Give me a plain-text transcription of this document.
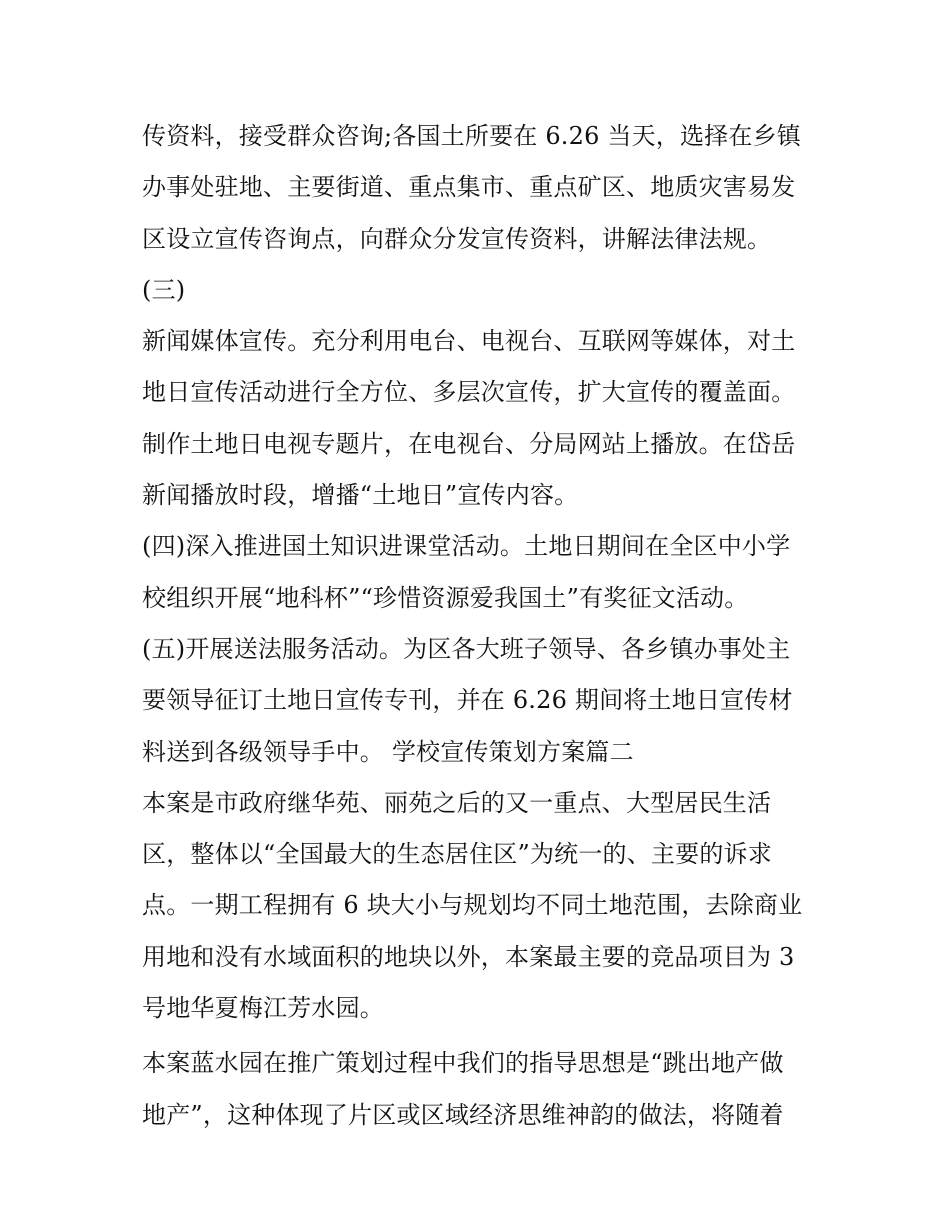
传资料，接受群众咨询;各国土所要在 6.26 当天，选择在乡镇
办事处驻地、主要街道、重点集市、重点矿区、地质灾害易发
区设立宣传咨询点，向群众分发宣传资料，讲解法律法规。
(三)
新闻媒体宣传。充分利用电台、电视台、互联网等媒体，对土
地日宣传活动进行全方位、多层次宣传，扩大宣传的覆盖面。
制作土地日电视专题片，在电视台、分局网站上播放。在岱岳
新闻播放时段，增播“土地日”宣传内容。
(四)深入推进国土知识进课堂活动。土地日期间在全区中小学
校组织开展“地科杯”“珍惜资源爱我国土”有奖征文活动。
(五)开展送法服务活动。为区各大班子领导、各乡镇办事处主
要领导征订土地日宣传专刊，并在 6.26 期间将土地日宣传材
料送到各级领导手中。 学校宣传策划方案篇二
本案是市政府继华苑、丽苑之后的又一重点、大型居民生活
区，整体以“全国最大的生态居住区”为统一的、主要的诉求
点。一期工程拥有 6 块大小与规划均不同土地范围，去除商业
用地和没有水域面积的地块以外，本案最主要的竞品项目为 3
号地华夏梅江芳水园。
本案蓝水园在推广策划过程中我们的指导思想是“跳出地产做
地产”，这种体现了片区或区域经济思维神韵的做法，将随着
